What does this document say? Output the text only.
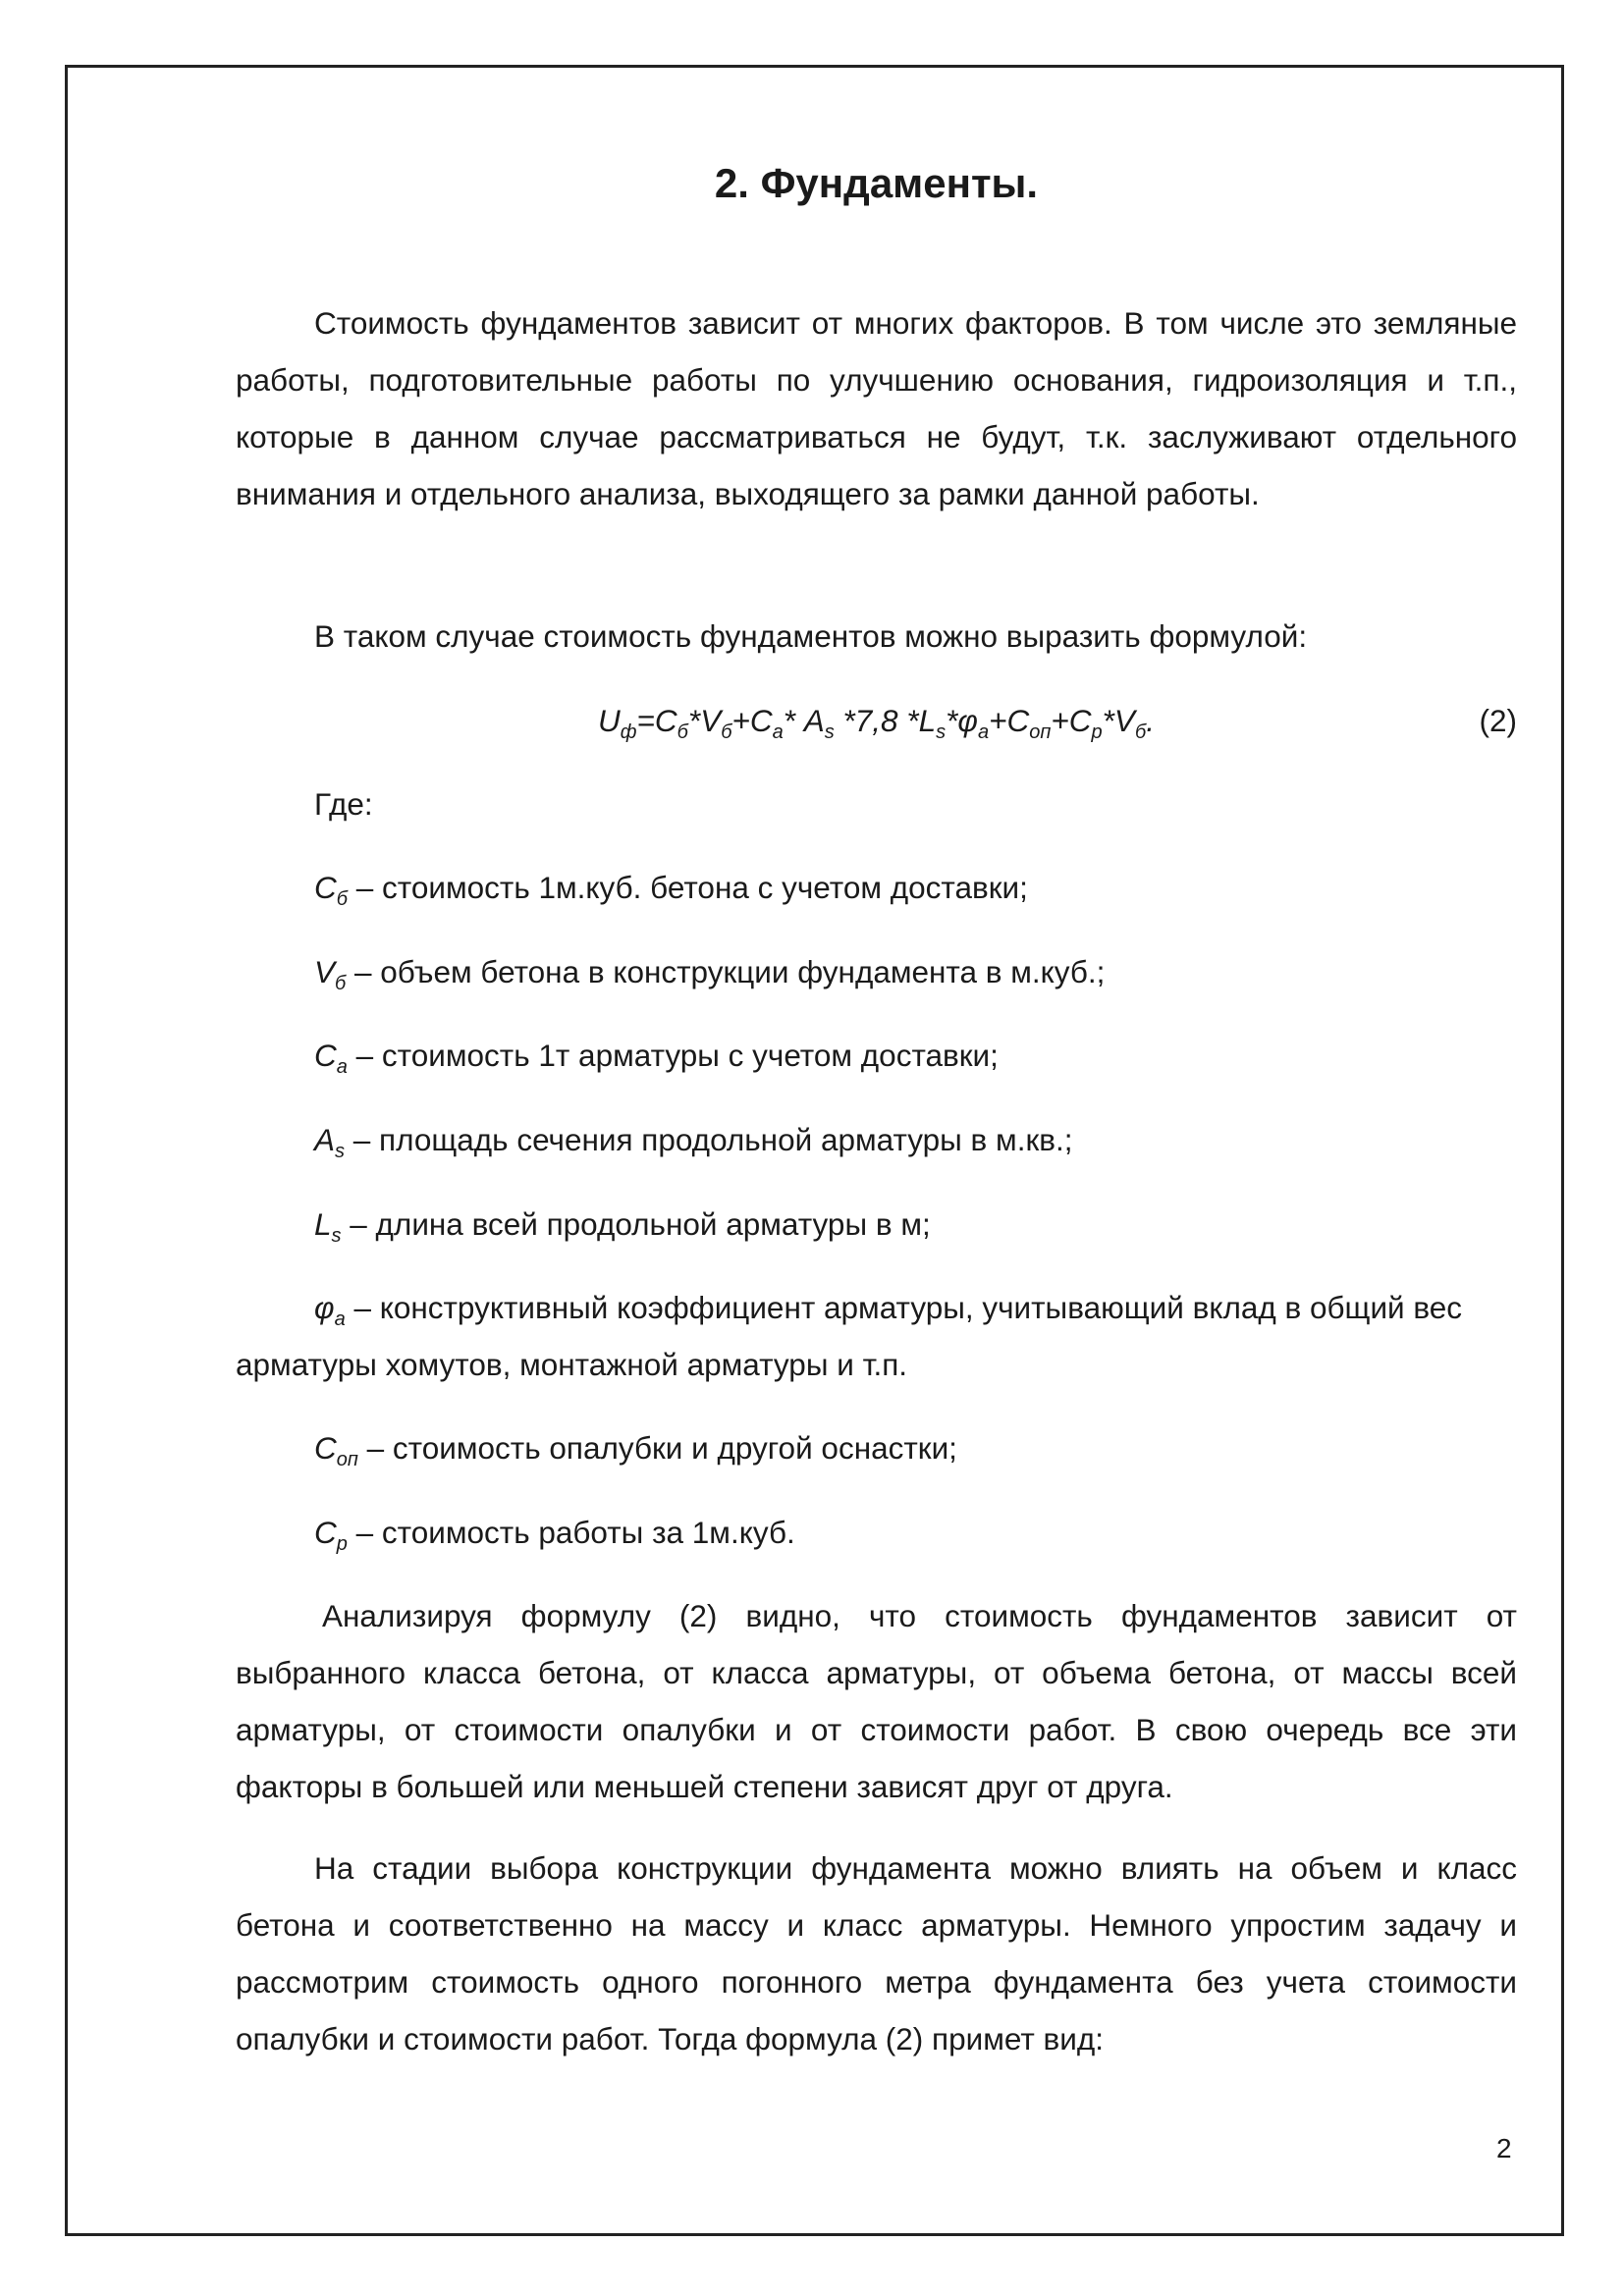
2. Фундаменты.

Стоимость фундаментов зависит от многих факторов. В том числе это земляные работы, подготовительные работы по улучшению основания, гидроизоляция и т.п., которые в данном случае рассматриваться не будут, т.к. заслуживают отдельного внимания и отдельного анализа, выходящего за рамки данной работы.

В таком случае стоимость фундаментов можно выразить формулой:

$U_ф=C_б*V_б+C_a*$ $A_s$ *7,8 $*L_s*\varphi_a+C_{оп}+C_р*V_б$.	(2)

Где:

$C_б$ – стоимость 1м.куб. бетона с учетом доставки;

$V_б$ – объем бетона в конструкции фундамента в м.куб.;

$C_a$ – стоимость 1т арматуры с учетом доставки;

$A_s$ – площадь сечения продольной арматуры в м.кв.;

$L_s$ – длина всей продольной арматуры в м;

$\varphi_a$ – конструктивный коэффициент арматуры, учитывающий вклад в общий вес арматуры хомутов, монтажной арматуры и т.п.

$C_{оп}$ – стоимость опалубки и другой оснастки;

$C_р$ – стоимость работы за 1м.куб.

Анализируя формулу (2) видно, что стоимость фундаментов зависит от выбранного класса бетона, от класса арматуры, от объема бетона, от массы всей арматуры, от стоимости опалубки и от стоимости работ. В свою очередь все эти факторы в большей или меньшей степени зависят друг от друга.

На стадии выбора конструкции фундамента можно влиять на объем и класс бетона и соответственно на массу и класс арматуры. Немного упростим задачу и рассмотрим стоимость одного погонного метра фундамента без учета стоимости опалубки и стоимости работ. Тогда формула (2) примет вид:

2
